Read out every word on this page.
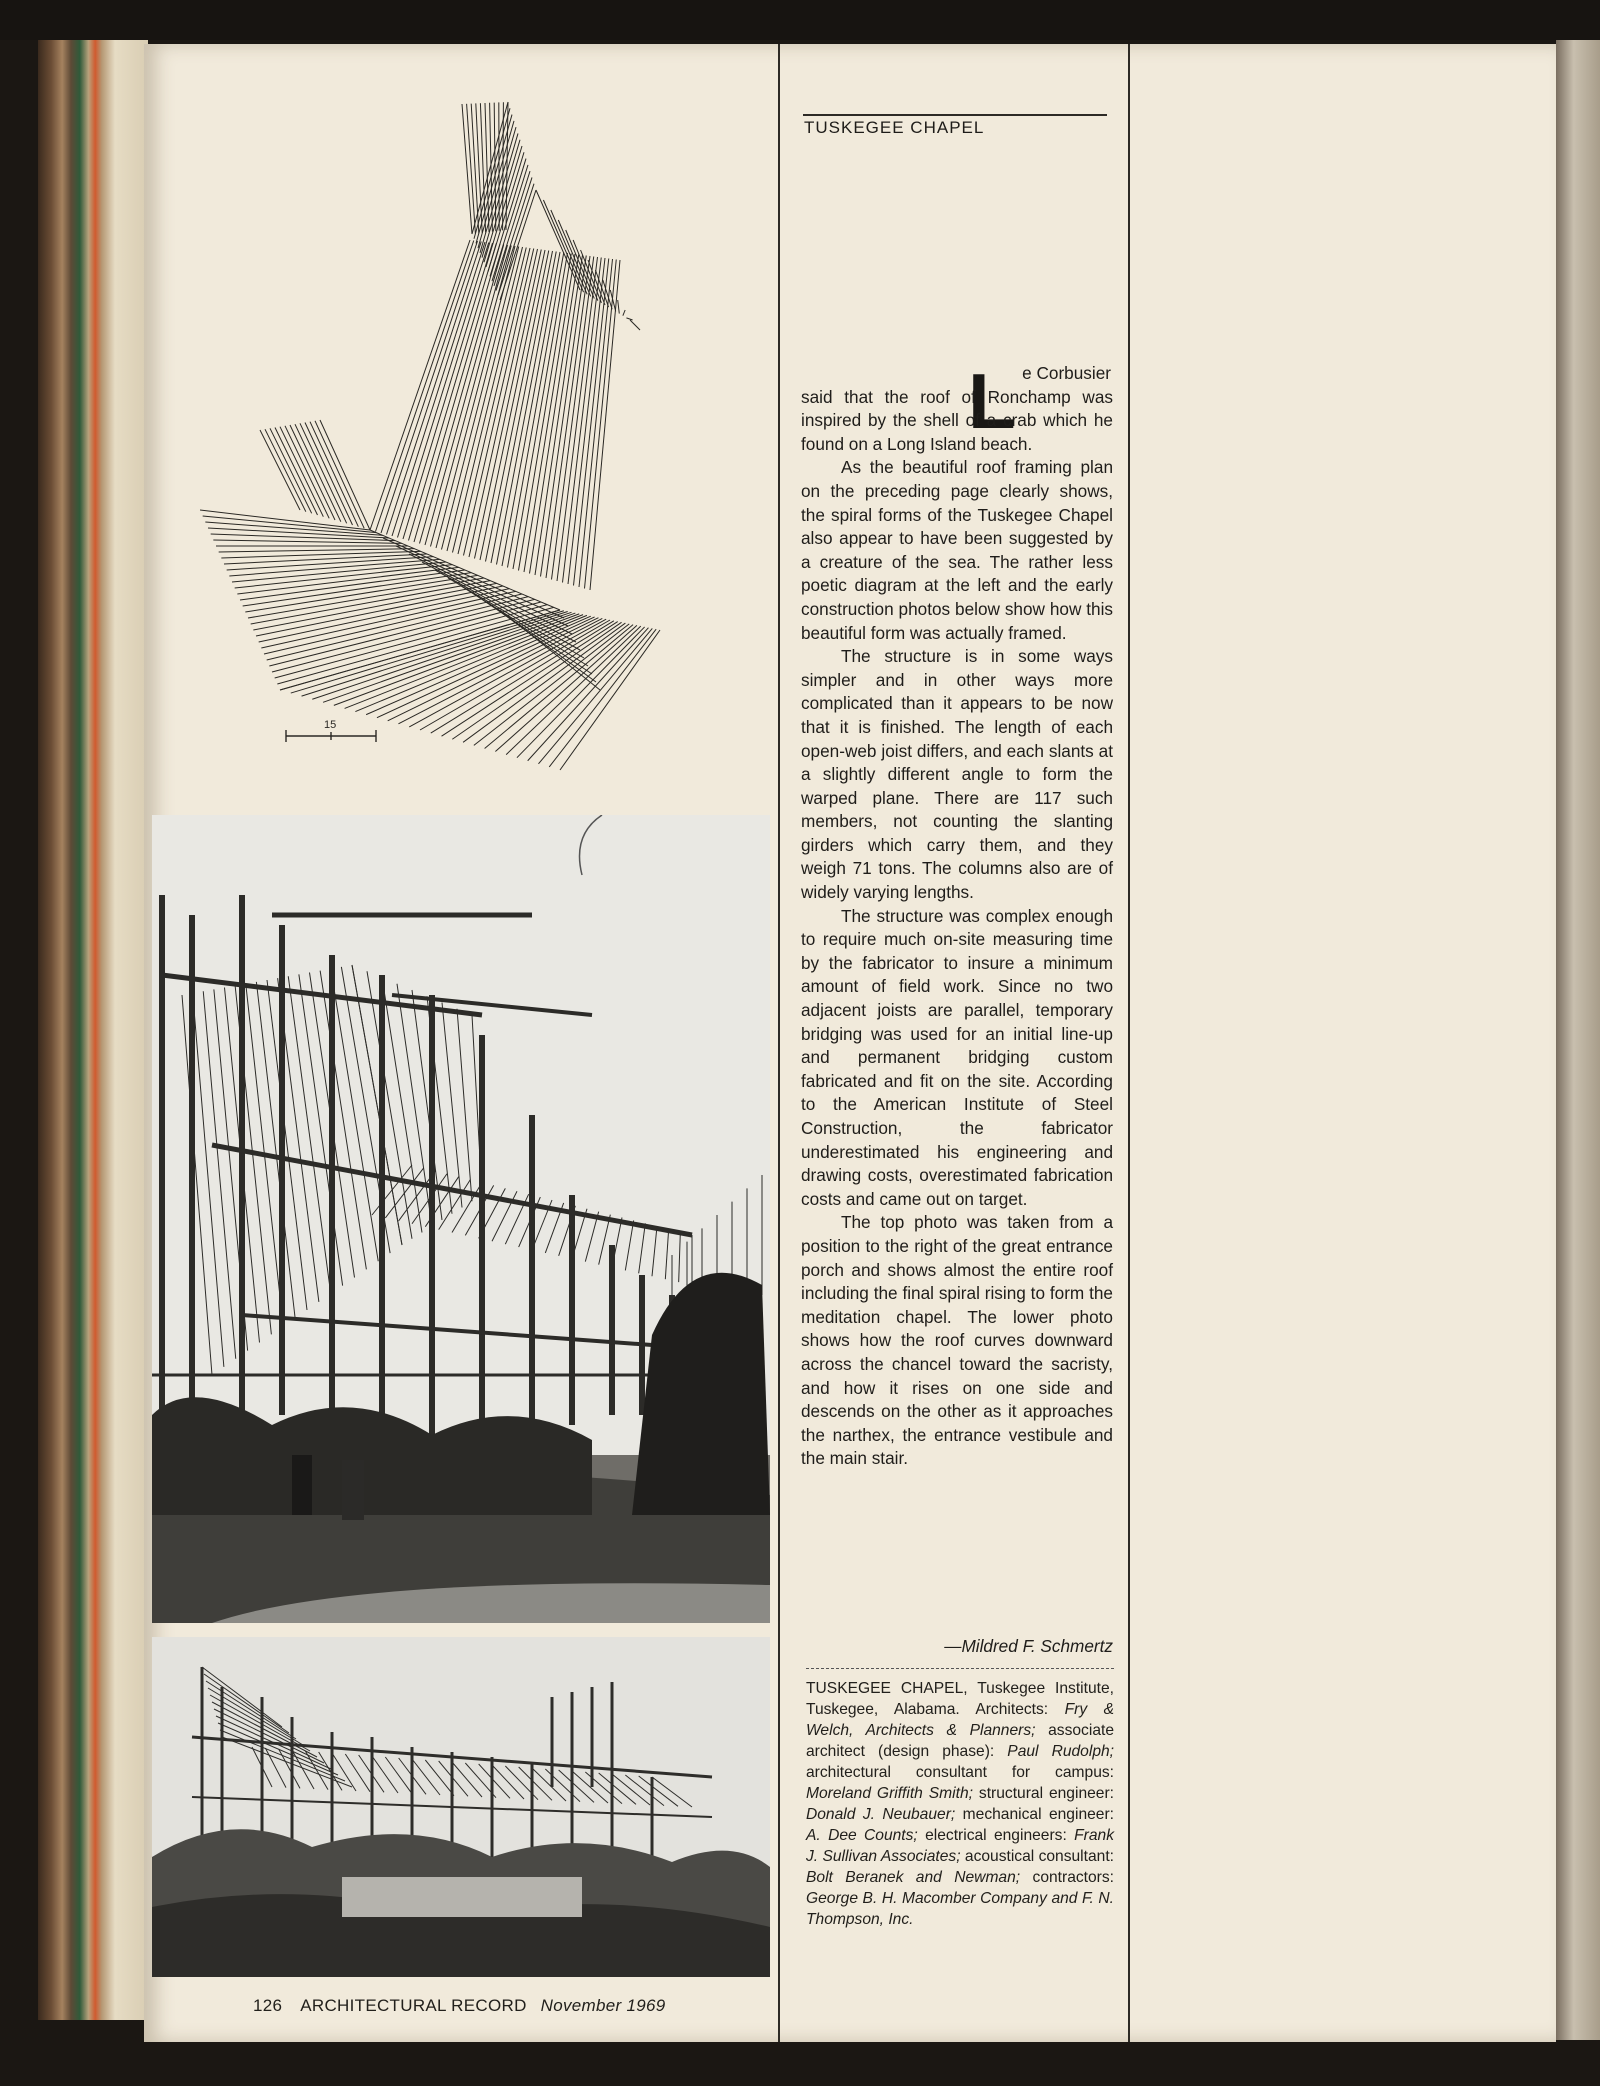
15
TUSKEGEE CHAPEL
L e Corbusier

said that the roof of Ronchamp was inspired by the shell of a crab which he found on a Long Island beach.

As the beautiful roof framing plan on the preceding page clearly shows, the spiral forms of the Tuskegee Chapel also appear to have been suggested by a creature of the sea. The rather less poetic diagram at the left and the early construction photos below show how this beautiful form was actually framed.

The structure is in some ways simpler and in other ways more complicated than it appears to be now that it is finished. The length of each open-web joist differs, and each slants at a slightly different angle to form the warped plane. There are 117 such members, not counting the slanting girders which carry them, and they weigh 71 tons. The columns also are of widely varying lengths.

The structure was complex enough to require much on-site measuring time by the fabricator to insure a minimum amount of field work. Since no two adjacent joists are parallel, temporary bridging was used for an initial line-up and permanent bridging custom fabricated and fit on the site. According to the American Institute of Steel Construction, the fabricator underestimated his engineering and drawing costs, overestimated fabrication costs and came out on target.

The top photo was taken from a position to the right of the great entrance porch and shows almost the entire roof including the final spiral rising to form the meditation chapel. The lower photo shows how the roof curves downward across the chancel toward the sacristy, and how it rises on one side and descends on the other as it approaches the narthex, the entrance vestibule and the main stair.

—Mildred F. Schmertz
TUSKEGEE CHAPEL, Tuskegee Institute, Tuskegee, Alabama. Architects: Fry & Welch, Architects & Planners; associate architect (design phase): Paul Rudolph; architectural consultant for campus: Moreland Griffith Smith; structural engineer: Donald J. Neubauer; mechanical engineer: A. Dee Counts; electrical engineers: Frank J. Sullivan Associates; acoustical consultant: Bolt Beranek and Newman; contractors: George B. H. Macomber Company and F. N. Thompson, Inc.
126 ARCHITECTURAL RECORD November 1969
